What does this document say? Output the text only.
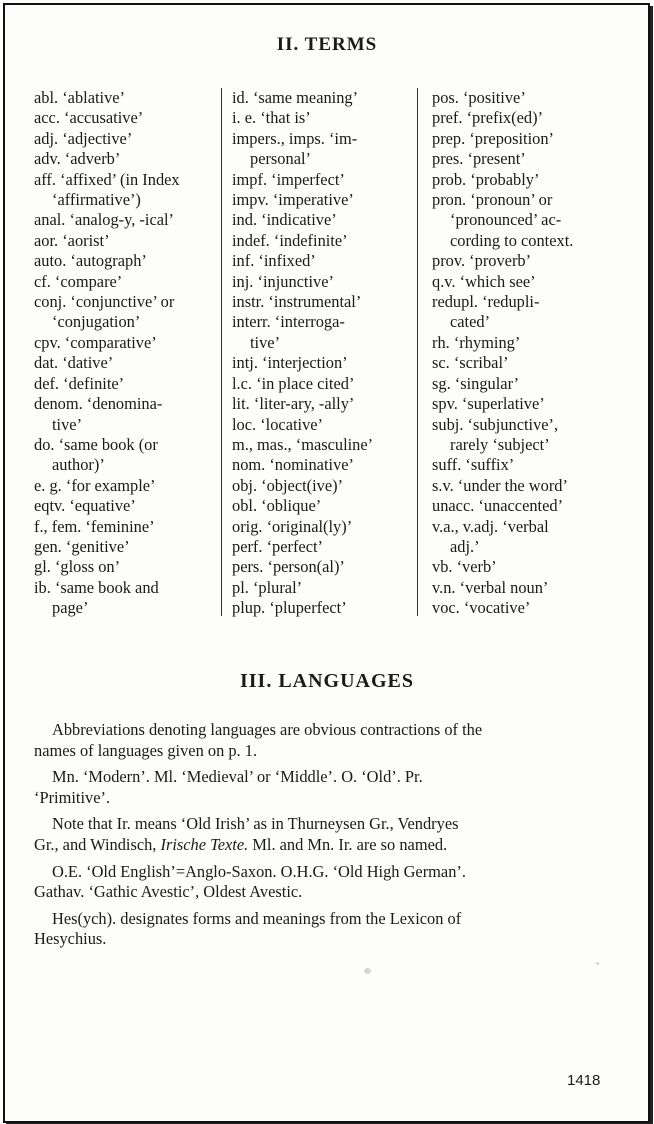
II. TERMS
abl. ‘ablative’
acc. ‘accusative’
adj. ‘adjective’
adv. ‘adverb’
aff. ‘affixed’ (in Index
‘affirmative’)
anal. ‘analog-y, -ical’
aor. ‘aorist’
auto. ‘autograph’
cf. ‘compare’
conj. ‘conjunctive’ or
‘conjugation’
cpv. ‘comparative’
dat. ‘dative’
def. ‘definite’
denom. ‘denomina-
tive’
do. ‘same book (or
author)’
e. g. ‘for example’
eqtv. ‘equative’
f., fem. ‘feminine’
gen. ‘genitive’
gl. ‘gloss on’
ib. ‘same book and
page’
id. ‘same meaning’
i. e. ‘that is’
impers., imps. ‘im-
personal’
impf. ‘imperfect’
impv. ‘imperative’
ind. ‘indicative’
indef. ‘indefinite’
inf. ‘infixed’
inj. ‘injunctive’
instr. ‘instrumental’
interr. ‘interroga-
tive’
intj. ‘interjection’
l.c. ‘in place cited’
lit. ‘liter-ary, -ally’
loc. ‘locative’
m., mas., ‘masculine’
nom. ‘nominative’
obj. ‘object(ive)’
obl. ‘oblique’
orig. ‘original(ly)’
perf. ‘perfect’
pers. ‘person(al)’
pl. ‘plural’
plup. ‘pluperfect’
pos. ‘positive’
pref. ‘prefix(ed)’
prep. ‘preposition’
pres. ‘present’
prob. ‘probably’
pron. ‘pronoun’ or
‘pronounced’ ac-
cording to context.
prov. ‘proverb’
q.v. ‘which see’
redupl. ‘redupli-
cated’
rh. ‘rhyming’
sc. ‘scribal’
sg. ‘singular’
spv. ‘superlative’
subj. ‘subjunctive’,
rarely ‘subject’
suff. ‘suffix’
s.v. ‘under the word’
unacc. ‘unaccented’
v.a., v.adj. ‘verbal
adj.’
vb. ‘verb’
v.n. ‘verbal noun’
voc. ‘vocative’
III. LANGUAGES

Abbreviations denoting languages are obvious contractions of the
names of languages given on p. 1.

Mn. ‘Modern’. Ml. ‘Medieval’ or ‘Middle’. O. ‘Old’. Pr.
‘Primitive’.

Note that Ir. means ‘Old Irish’ as in Thurneysen Gr., Vendryes
Gr., and Windisch, Irische Texte. Ml. and Mn. Ir. are so named.

O.E. ‘Old English’=Anglo-Saxon. O.H.G. ‘Old High German’.
Gathav. ‘Gathic Avestic’, Oldest Avestic.

Hes(ych). designates forms and meanings from the Lexicon of
Hesychius.

1418
